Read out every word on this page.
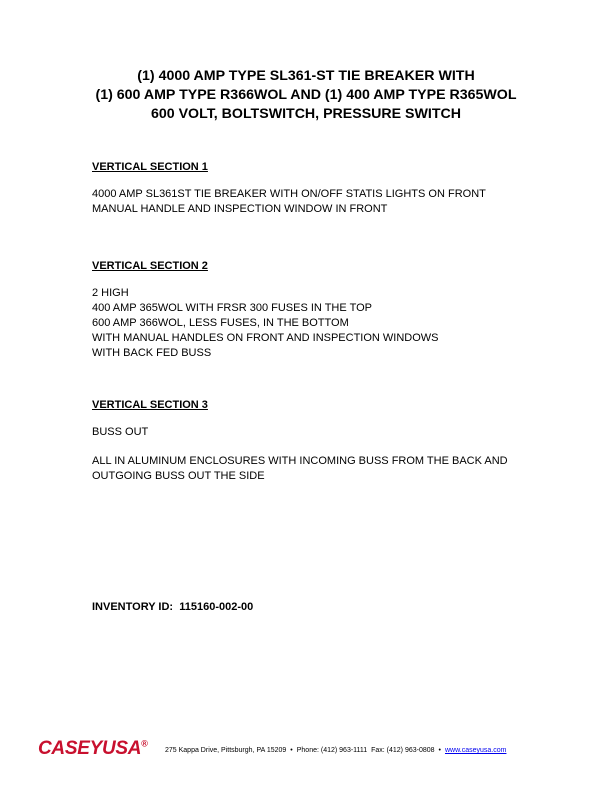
(1) 4000 AMP TYPE SL361-ST TIE BREAKER WITH
(1) 600 AMP TYPE R366WOL AND (1) 400 AMP TYPE R365WOL
600 VOLT, BOLTSWITCH, PRESSURE SWITCH
VERTICAL SECTION 1
4000 AMP SL361ST TIE BREAKER WITH ON/OFF STATIS LIGHTS ON FRONT
MANUAL HANDLE AND INSPECTION WINDOW IN FRONT
VERTICAL SECTION 2
2 HIGH
400 AMP 365WOL WITH FRSR 300 FUSES IN THE TOP
600 AMP 366WOL, LESS FUSES, IN THE BOTTOM
WITH MANUAL HANDLES ON FRONT AND INSPECTION WINDOWS
WITH BACK FED BUSS
VERTICAL SECTION 3
BUSS OUT
ALL IN ALUMINUM ENCLOSURES WITH INCOMING BUSS FROM THE BACK AND
OUTGOING BUSS OUT THE SIDE
INVENTORY ID: 115160-002-00
CASEYUSA®
275 Kappa Drive, Pittsburgh, PA 15209 • Phone: (412) 963-1111 Fax: (412) 963-0808 • www.caseyusa.com
